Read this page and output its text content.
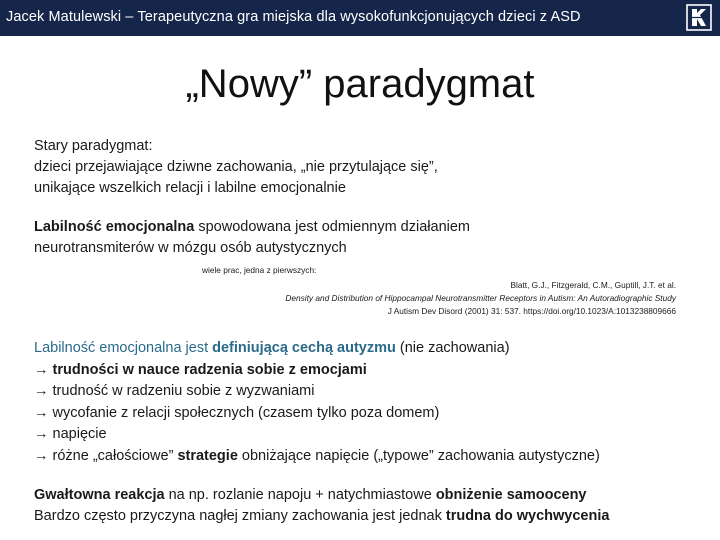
Jacek Matulewski – Terapeutyczna gra miejska dla wysokofunkcjonujących dzieci z ASD
„Nowy” paradygmat
Stary paradygmat:
dzieci przejawiające dziwne zachowania, „nie przytulające się”,
unikające wszelkich relacji i labilne emocjonalnie
Labilność emocjonalna spowodowana jest odmiennym działaniem
neurotransmiterów w mózgu osób autystycznych
wiele prac, jedna z pierwszych:
Blatt, G.J., Fitzgerald, C.M., Guptill, J.T. et al.
Density and Distribution of Hippocampal Neurotransmitter Receptors in Autism: An Autoradiographic Study
J Autism Dev Disord (2001) 31: 537. https://doi.org/10.1023/A:1013238809666
Labilność emocjonalna jest definiującą cechą autyzmu (nie zachowania)
→ trudności w nauce radzenia sobie z emocjami
→ trudność w radzeniu sobie z wyzwaniami
→ wycofanie z relacji społecznych (czasem tylko poza domem)
→ napięcie
→ różne „całościowe” strategie obniżające napięcie („typowe” zachowania autystyczne)
Gwałtowna reakcja na np. rozlanie napoju + natychmiastowe obniżenie samooceny
Bardzo często przyczyna nagłej zmiany zachowania jest jednak trudna do wychwycenia
